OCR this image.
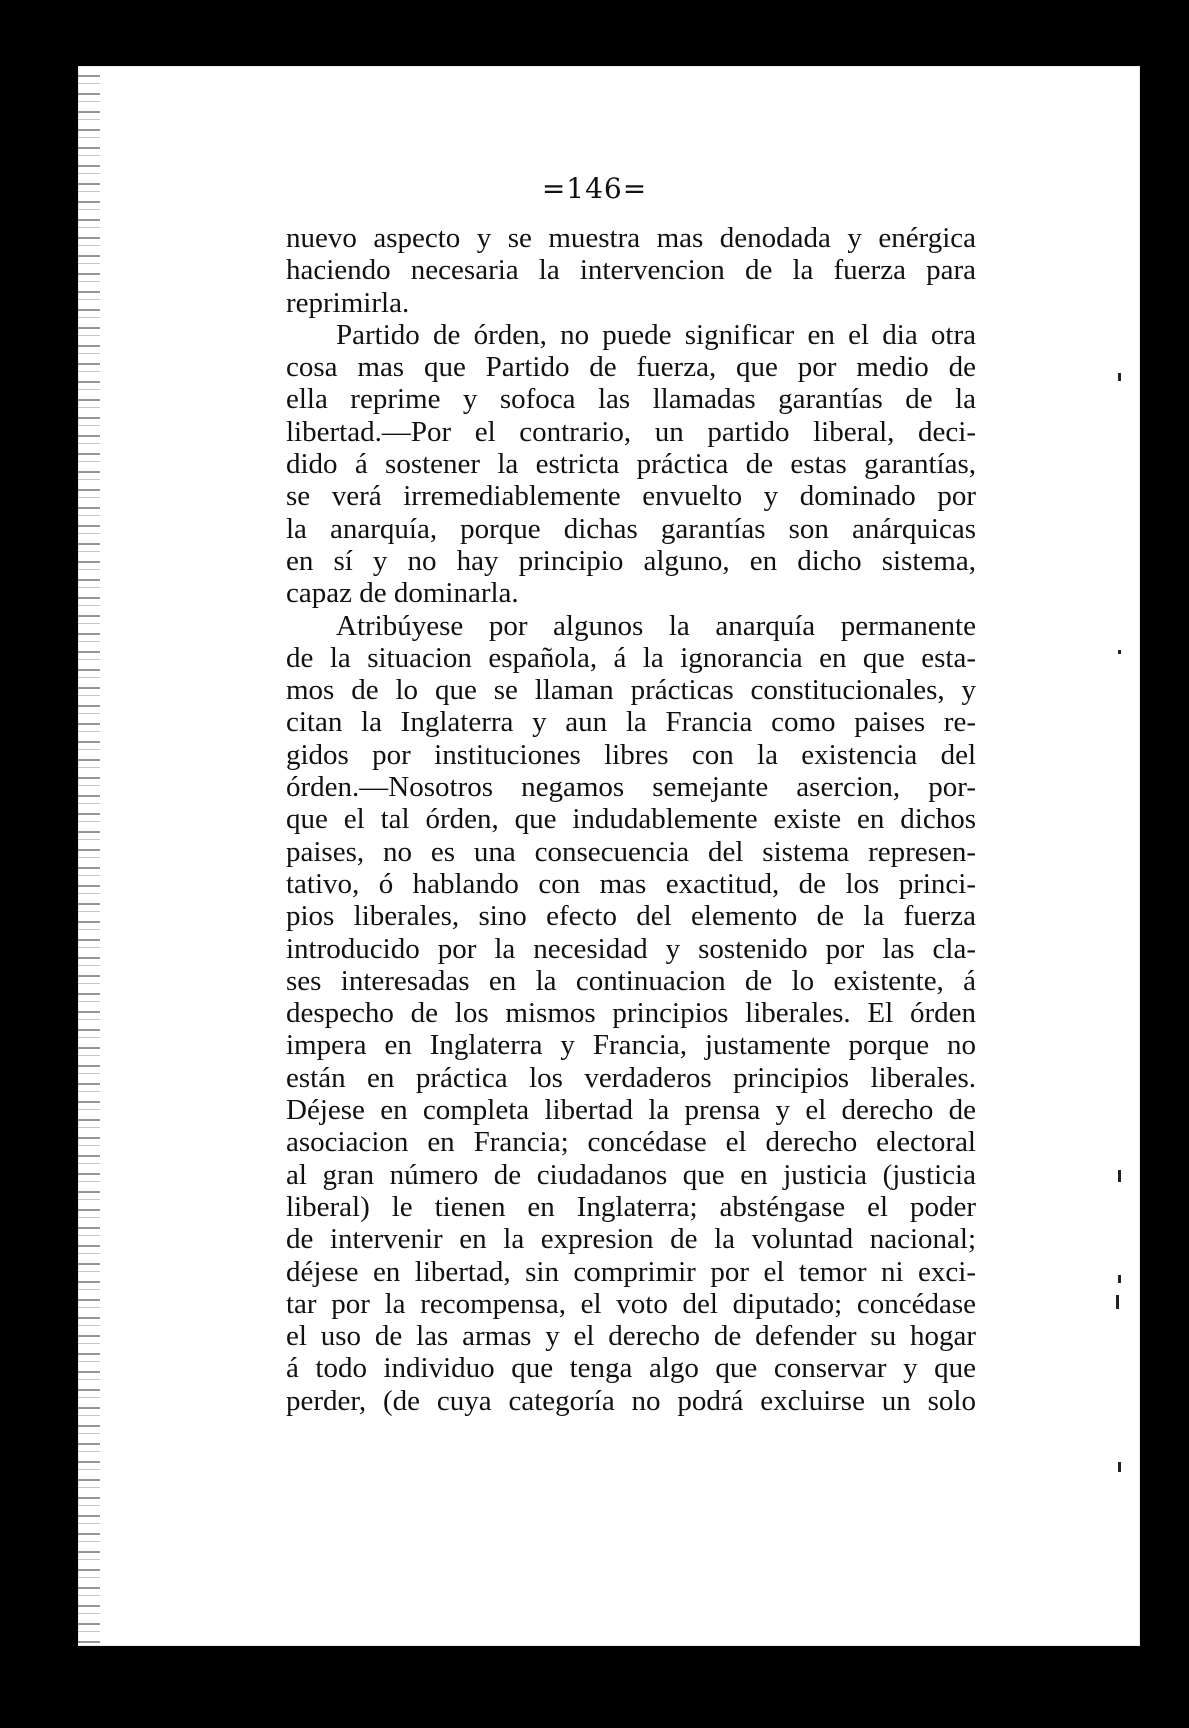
=146=
nuevo aspecto y se muestra mas denodada y enérgica
haciendo necesaria la intervencion de la fuerza para
reprimirla.
Partido de órden, no puede significar en el dia otra
cosa mas que Partido de fuerza, que por medio de
ella reprime y sofoca las llamadas garantías de la
libertad.—Por el contrario, un partido liberal, deci-
dido á sostener la estricta práctica de estas garantías,
se verá irremediablemente envuelto y dominado por
la anarquía, porque dichas garantías son anárquicas
en sí y no hay principio alguno, en dicho sistema,
capaz de dominarla.
Atribúyese por algunos la anarquía permanente
de la situacion española, á la ignorancia en que esta-
mos de lo que se llaman prácticas constitucionales, y
citan la Inglaterra y aun la Francia como paises re-
gidos por instituciones libres con la existencia del
órden.—Nosotros negamos semejante asercion, por-
que el tal órden, que indudablemente existe en dichos
paises, no es una consecuencia del sistema represen-
tativo, ó hablando con mas exactitud, de los princi-
pios liberales, sino efecto del elemento de la fuerza
introducido por la necesidad y sostenido por las cla-
ses interesadas en la continuacion de lo existente, á
despecho de los mismos principios liberales. El órden
impera en Inglaterra y Francia, justamente porque no
están en práctica los verdaderos principios liberales.
Déjese en completa libertad la prensa y el derecho de
asociacion en Francia; concédase el derecho electoral
al gran número de ciudadanos que en justicia (justicia
liberal) le tienen en Inglaterra; absténgase el poder
de intervenir en la expresion de la voluntad nacional;
déjese en libertad, sin comprimir por el temor ni exci-
tar por la recompensa, el voto del diputado; concédase
el uso de las armas y el derecho de defender su hogar
á todo individuo que tenga algo que conservar y que
perder, (de cuya categoría no podrá excluirse un solo
